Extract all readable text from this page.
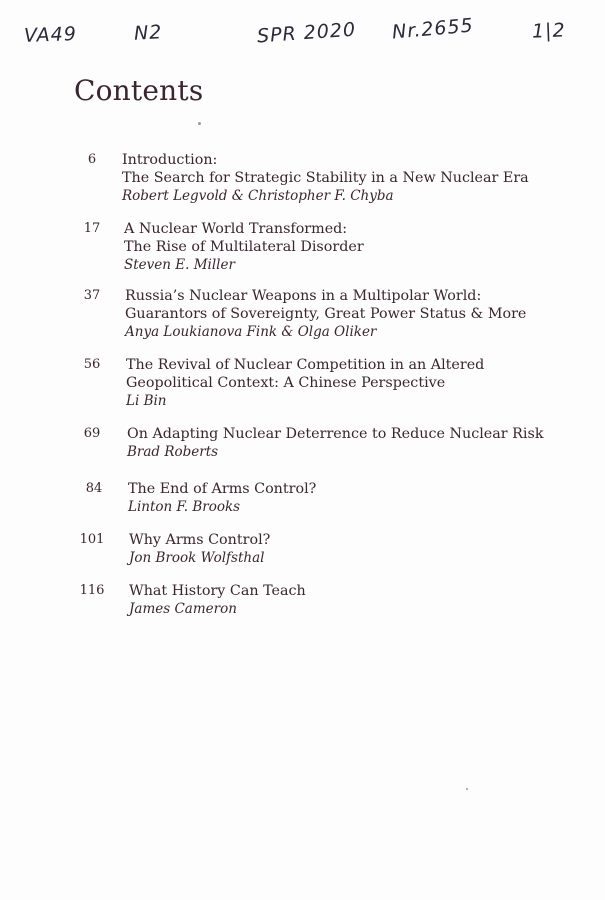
VA49	N2	SPR 2020 Nr.2655	1|2
Contents
6	Introduction:
The Search for Strategic Stability in a New Nuclear Era
Robert Legvold & Christopher F. Chyba
17	A Nuclear World Transformed:
The Rise of Multilateral Disorder
Steven E. Miller
37	Russia’s Nuclear Weapons in a Multipolar World:
Guarantors of Sovereignty, Great Power Status & More
Anya Loukianova Fink & Olga Oliker
56	The Revival of Nuclear Competition in an Altered
Geopolitical Context: A Chinese Perspective
Li Bin
69	On Adapting Nuclear Deterrence to Reduce Nuclear Risk
Brad Roberts
84	The End of Arms Control?
Linton F. Brooks
101	Why Arms Control?
Jon Brook Wolfsthal
116	What History Can Teach
James Cameron
